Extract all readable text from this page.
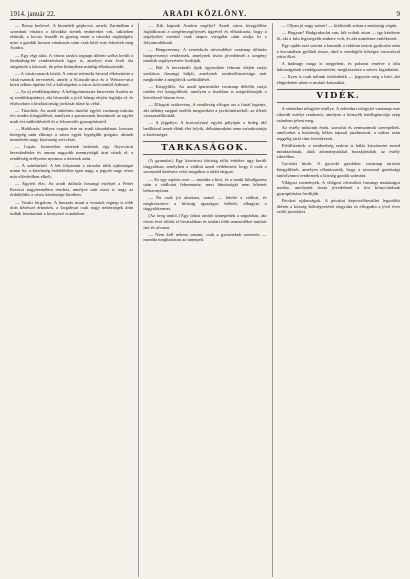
1914. január 22.	ARADI KÖZLÖNY.	9

— Rossz kedvvel. A kirendelt gépkocsi, amely Zarándban a szombati vásárra a falvakba siettek embereket vitt, utközben elakadt, a kocsis leszállt és gyalog ment a városba segítségért, mire a gazdák hosszu várakozás után csak késő este érkeztek meg Aradra.

— Egy régi nóta. A városi tanács tegnapi ülésén szóba került a Szabadság-tér rendezésének ügye is, amelyet már évek óta sürgetnek a lakosok, de pénz hiányában mindig elhalasztották.

— A vásárcsarnok körül. A városi mérnöki hivatal elkészítette a vásárcsarnok tervezetét, amely a Kossuth-utca és a Weitzer-utca közti telken épülne fel; a költségeket a város kölcsönből fedezné.

— Az uj rendőrkapitány. A belügyminiszter kinevezte Aradra az uj rendőrkapitányt, aki hivatalát a jövő hónap elején foglalja el, és elsősorban a közbiztonság javítását tűzte ki célul.

— Tüzoltók. Az aradi önkéntes tüzoltó egylet vasárnap tartotta évi rendes közgyűlését, amelyen a parancsnok beszámolt az egylet mult évi működéséről és a felszerelés gyarapításáról.

— Halálozás. Súlyos csapás érte az aradi társadalmat: hosszas betegség után elhunyt a város egyik legrégibb polgára, akinek temetésén nagy közönség vett részt.

— Lopás. Ismeretlen tettesek betörtek egy Atya-utcai kereskedésbe és onnan nagyobb mennyiségű árut vittek el; a rendőrség erélyesen nyomoz a tettesek után.

— A színházból. A hét folyamán a társulat több ujdonságot mutat be, a közönség érdeklődése igen nagy, a jegyek nagy része már elővételben elkelt.

— Egyleti élet. Az aradi dalárda farsangi estélyét a Fehér Kereszt nagytermében rendezi, amelyre már most is nagy az érdeklődés a város közönsége körében.

— Vasúti forgalom. A havazás miatt a vonatok tegnap is több órás késéssel érkeztek, a forgalmat csak nagy nehézségek árán tudták fenntartani a környező vonalakon.

— Kik kapnak Aradon segélyt? Aradi város közgyűlése foglalkozott a szegénysegélyezés ügyével és elhatározta, hogy a segélyeket ezentul csak alapos vizsgálat után utalja ki a folyamodóknak.

— Hangverseny. A zeneiskola növendékei vasárnap délután hangversenyt rendeznek, amelynek tiszta jövedelmét a szegény tanulók segélyezésére fordítják.

— Bál. A kereskedő ifjak egyesülete február elején tartja szokásos farsangi bálját, amelynek rendezőbizottsága már megkezdte a meghívók szétküldését.

— Közgyűlés. Az aradi ipartestület vasárnap délelőtt tartja rendes évi közgyűlését, amelyen a tisztikart is megválasztják a következő három évre.

— Elfogott szökevény. A rendőrség elfogta azt a fiatal legényt, aki néhány nappal ezelőtt megszökött a javítóintézetből; az illetőt visszaszállították.

— A jégpálya. A korcsolyázó egylet pályáján a hideg idő beálltával ismét élénk élet folyik, délutánonként zene szórakoztatja a közönséget.

TARKASÁGOK.

(A gyanuba.) Egy kisvárosi bíróság előtt érdekes ügy került tárgyalásra, amelyben a vádlott azzal védekezett, hogy ő csak a szomszéd kérésére vette magához a talált tárgyat.

— Ez egy sajátos eset — mondta a bíró, és a tanúk kihallgatása után a vádlottat felmentette, mert bűnösségét nem lehetett bebizonyítani.

— Én csak jót akartam, uram! — felelte a vádlott, és megköszönve a bíróság igazságos ítéletét, elhagyta a tárgyalótermet.

(Az öreg tanító.) Egy falusi tanítót ünnepeltek a napokban, aki ötven évet töltött el hivatalában és ezalatt több nemzedéket tanított írni és olvasni.

— Nem kell nekem semmi, csak a gyermekek szeretete — mondta meghatottan az ünnepelt.

— Olyan jó nagy szüret! — kiáltották sokan a mulatság végén.

— Hogyan? Hadgyakorlat van, kik voltak ottan — igy kérdezte őt, aki a falu legöregebb embere volt, és aki mindenre emlékezett.

Egy ujabb eset szerint a katonák a faluban tartott gyakorlat után a kocsmában gyűltek össze, ahol a vendéglős bőséges vacsorával várta őket.

A hadnagy maga is megjelent, és poharat emelve a falu lakosságának vendégszeretetére, megköszönte a szíves fogadtatást.

— Ilyen is csak nálunk történhetik — jegyezte meg a biró, aki elégedetten nézte a mulató katonákat.

VIDÉK.

A selenduri nőegylet estélye. A selenduri nőegylet vasárnap este sikerült estélyt rendezett, amelyen a környék intelligenciája szép számban jelent meg.

Az estély műsorán ének, szavalat és zeneszámok szerepeltek, amelyeket a közönség lelkes tapssal jutalmazott; a műsor után reggelig tartó tánc következett.

Felülfizettek: a rendezőség ezúton is hálás köszönetet mond mindazoknak, akik adományaikkal hozzájárultak az estély sikeréhez.

Gyoroki hírek. A gyoroki gazdakör vasárnap tartotta közgyűlését, amelyen elhatározták, hogy a tavasszal gazdasági tanfolyamot rendeznek a község gazdái számára.

Világosi események. A világosi olvasókör farsangi mulatságot rendez, amelynek tiszta jövedelmét a kör könyvtárának gyarapítására fordítják.

Pécskai ujdonságok. A pécskai képviselőtestület legutóbbi ülésén a község költségvetését tárgyalta és elfogadta a jövő évre szóló javaslatot.
